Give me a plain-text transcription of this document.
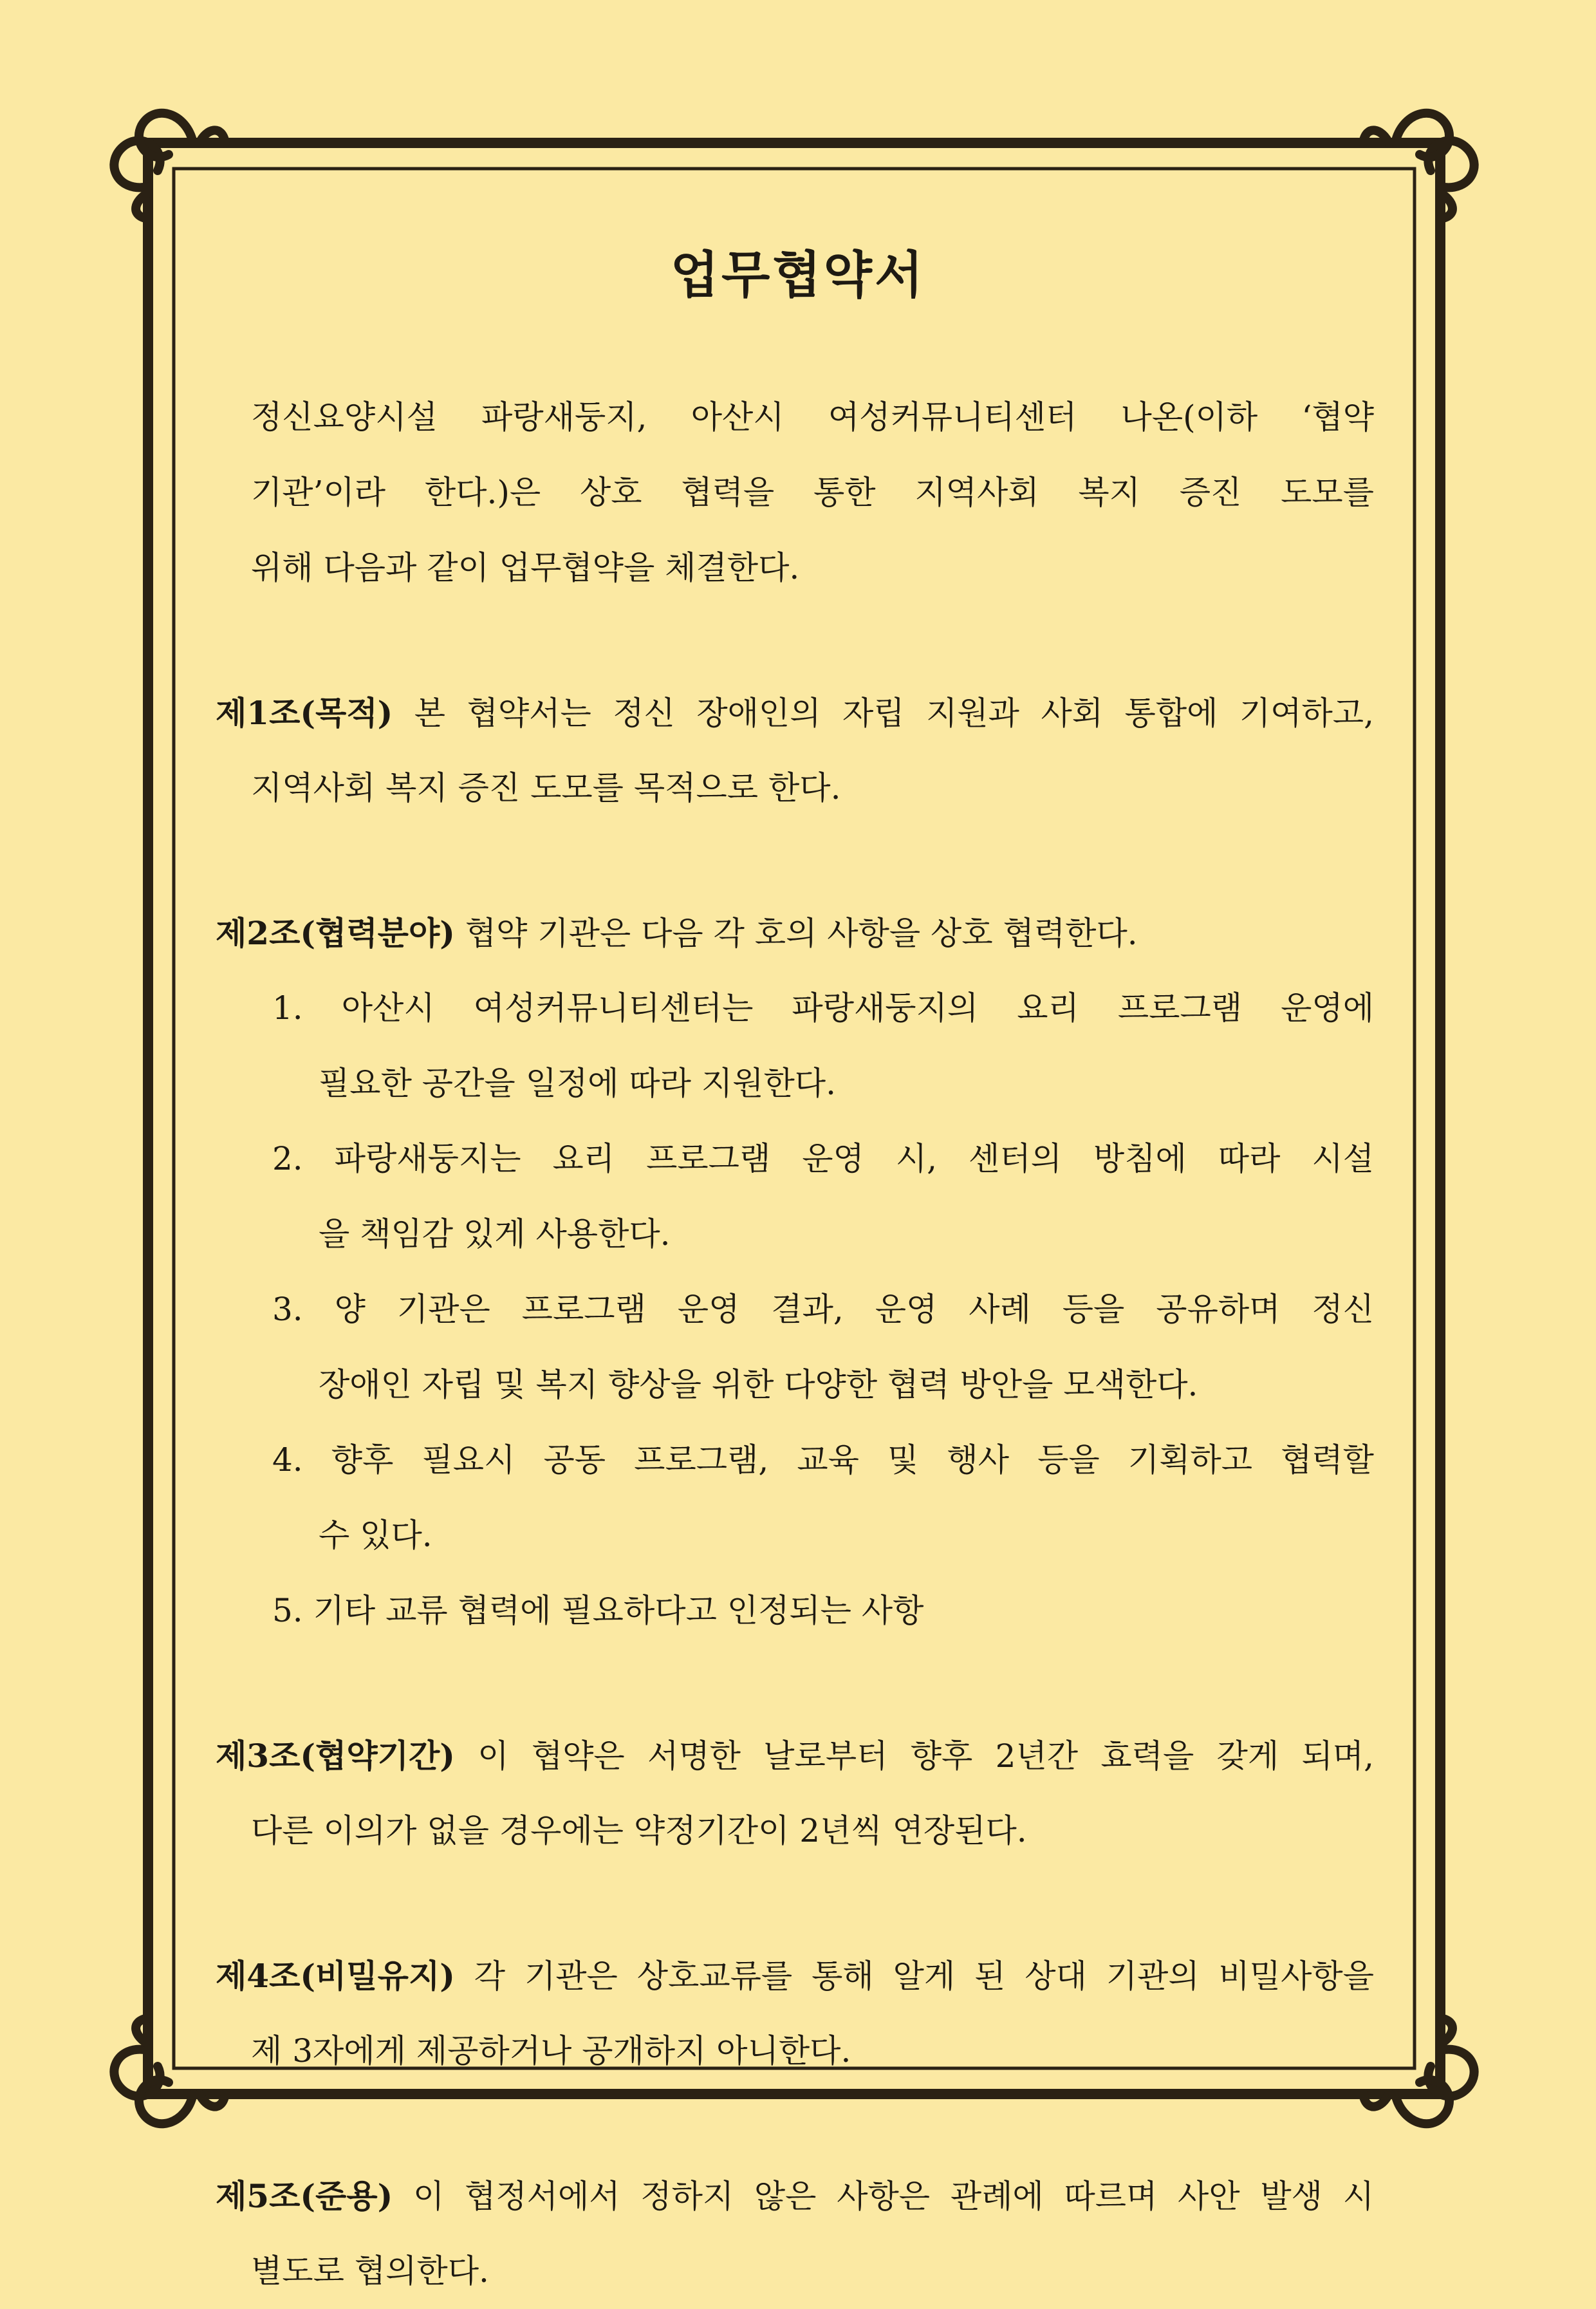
업무협약서
정신요양시설 파랑새둥지, 아산시 여성커뮤니티센터 나온(이하 ‘협약
기관’이라 한다.)은 상호 협력을 통한 지역사회 복지 증진 도모를
위해 다음과 같이 업무협약을 체결한다.
제1조(목적) 본 협약서는 정신 장애인의 자립 지원과 사회 통합에 기여하고,
지역사회 복지 증진 도모를 목적으로 한다.
제2조(협력분야) 협약 기관은 다음 각 호의 사항을 상호 협력한다.
1. 아산시 여성커뮤니티센터는 파랑새둥지의 요리 프로그램 운영에
필요한 공간을 일정에 따라 지원한다.
2. 파랑새둥지는 요리 프로그램 운영 시, 센터의 방침에 따라 시설
을 책임감 있게 사용한다.
3. 양 기관은 프로그램 운영 결과, 운영 사례 등을 공유하며 정신
장애인 자립 및 복지 향상을 위한 다양한 협력 방안을 모색한다.
4. 향후 필요시 공동 프로그램, 교육 및 행사 등을 기획하고 협력할
수 있다.
5. 기타 교류 협력에 필요하다고 인정되는 사항
제3조(협약기간) 이 협약은 서명한 날로부터 향후 2년간 효력을 갖게 되며,
다른 이의가 없을 경우에는 약정기간이 2년씩 연장된다.
제4조(비밀유지) 각 기관은 상호교류를 통해 알게 된 상대 기관의 비밀사항을
제 3자에게 제공하거나 공개하지 아니한다.
제5조(준용) 이 협정서에서 정하지 않은 사항은 관례에 따르며 사안 발생 시
별도로 협의한다.
